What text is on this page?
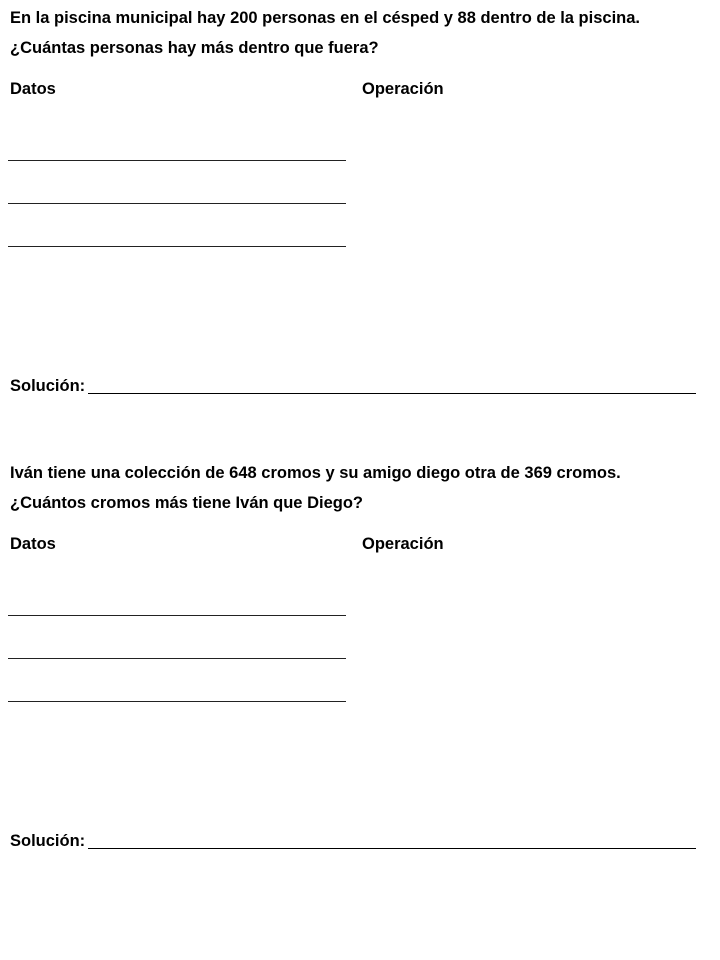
En la piscina municipal hay 200 personas en el césped y 88 dentro de la piscina.

¿Cuántas personas hay más dentro que fuera?

Datos	Operación
Solución:

Iván tiene una colección de 648 cromos y su amigo diego otra de 369 cromos.

¿Cuántos cromos más tiene Iván que Diego?

Datos	Operación
Solución:
